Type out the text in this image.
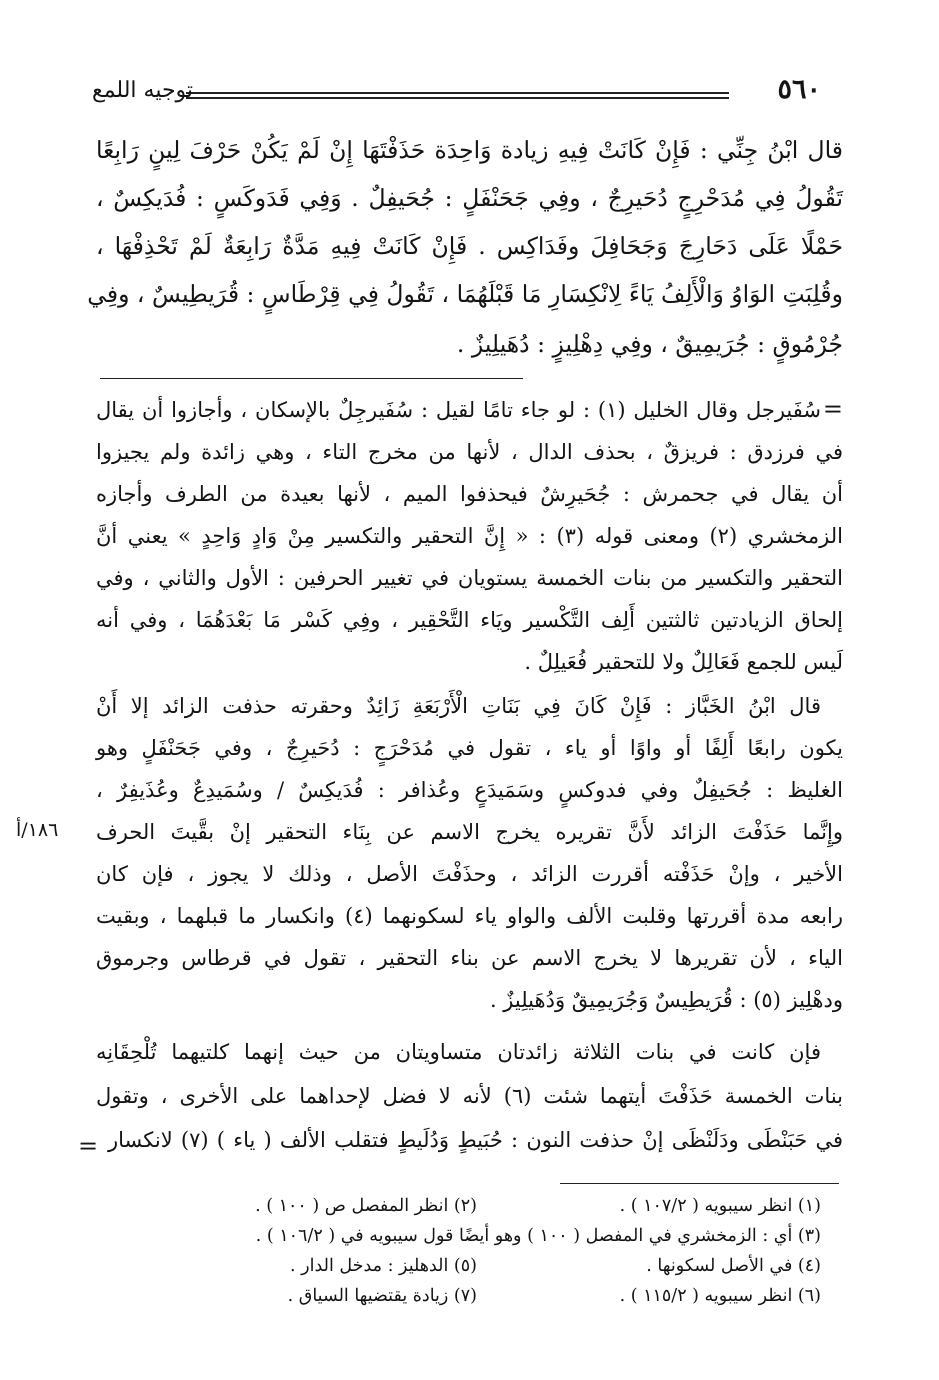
٥٦٠
توجيه اللمع
قال ابْنُ جِنِّي : فَإِنْ كَانَتْ فِيهِ زيادة وَاحِدَة حَذَفْتَهَا إِنْ لَمْ يَكُنْ حَرْفَ لِينٍ رَابِعًا
تَقُولُ فِي مُدَحْرِجٍ دُحَيرِجٌ ، وفِي جَحَنْفَلٍ : جُحَيفِلٌ . وَفِي فَدَوكَسٍ : فُدَيكِسٌ ،
حَمْلًا عَلَى دَحَارِجَ وَجَحَافِلَ وفَدَاكِس . فَإِنْ كَانَتْ فِيهِ مَدَّةٌ رَابِعَةٌ لَمْ تَحْذِفْهَا ،
وقُلِبَتِ الوَاوُ وَالْأَلِفُ يَاءً لِانْكِسَارِ مَا قَبْلَهُمَا ، تَقُولُ فِي قِرْطَاسٍ : قُرَيطِيسٌ ، وفِي
جُرْمُوقٍ : جُرَيمِيقٌ ، وفِي دِهْلِيزٍ : دُهَيلِيزٌ .
=
سُفَيرجل وقال الخليل (١) : لو جاء تامًا لقيل : سُفَيرجِلٌ بالإسكان ، وأجازوا أن يقال
في فرزدق : فريزقٌ ، بحذف الدال ، لأنها من مخرج التاء ، وهي زائدة ولم يجيزوا
أن يقال في جحمرش : جُحَيرِشٌ فيحذفوا الميم ، لأنها بعيدة من الطرف وأجازه
الزمخشري (٢) ومعنى قوله (٣) : « إِنَّ التحقير والتكسير مِنْ وَادٍ وَاحِدٍ » يعني أنَّ
التحقير والتكسير من بنات الخمسة يستويان في تغيير الحرفين : الأول والثاني ، وفي
إلحاق الزيادتين ثالثتين أَلِف التَّكْسير ويَاء التَّحْقِير ، وفِي كَسْر مَا بَعْدَهُمَا ، وفي أنه
لَيس للجمع فَعَالِلٌ ولا للتحقير فُعَيلِلٌ .
قال ابْنُ الخَبَّاز : فَإِنْ كَانَ فِي بَنَاتِ الْأَرْبَعَةِ زَائِدٌ وحقرته حذفت الزائد إلا أَنْ
يكون رابعًا أَلِفًا أو واوًا أو ياء ، تقول في مُدَحْرَجٍ : دُحَيرِجٌ ، وفي جَحَنْفَلٍ وهو
الغليظ : جُحَيفِلٌ وفي فدوكسٍ وسَمَيدَعٍ وعُذافر : فُدَيكِسٌ / وسُمَيدِعٌ وعُذَيفِرٌ ،
وإِنَّما حَذَفْتَ الزائد لأَنَّ تقريره يخرج الاسم عن بِنَاء التحقير إنْ بقَّيتَ الحرف
الأخير ، وإنْ حَذَفْته أقررت الزائد ، وحذَفْتَ الأصل ، وذلك لا يجوز ، فإن كان
رابعه مدة أقررتها وقلبت الألف والواو ياء لسكونهما (٤) وانكسار ما قبلهما ، وبقيت
الياء ، لأن تقريرها لا يخرج الاسم عن بناء التحقير ، تقول في قرطاس وجرموق
ودهْلِيز (٥) : قُرَيطِيسٌ وَجُرَيمِيقٌ وَدُهَيلِيزٌ .
فإن كانت في بنات الثلاثة زائدتان متساويتان من حيث إنهما كلتيهما تُلْحِقَانِه
بنات الخمسة حَذَفْتَ أيتهما شئت (٦) لأنه لا فضل لإحداهما على الأخرى ، وتقول
في حَبَنْطَى ودَلَنْظَى إنْ حذفت النون : حُبَيطٍ وَدُلَيطٍ فتقلب الألف ( ياء ) (٧) لانكسار
=
١٨٦/أ
(١) انظر سيبويه ( ١٠٧/٢ ) .
(٢) انظر المفصل ص ( ١٠٠ ) .
(٣) أي : الزمخشري في المفصل ( ١٠٠ ) وهو أيضًا قول سيبويه في ( ١٠٦/٢ ) .
(٤) في الأصل لسكونها .
(٥) الدهليز : مدخل الدار .
(٦) انظر سيبويه ( ١١٥/٢ ) .
(٧) زيادة يقتضيها السياق .
